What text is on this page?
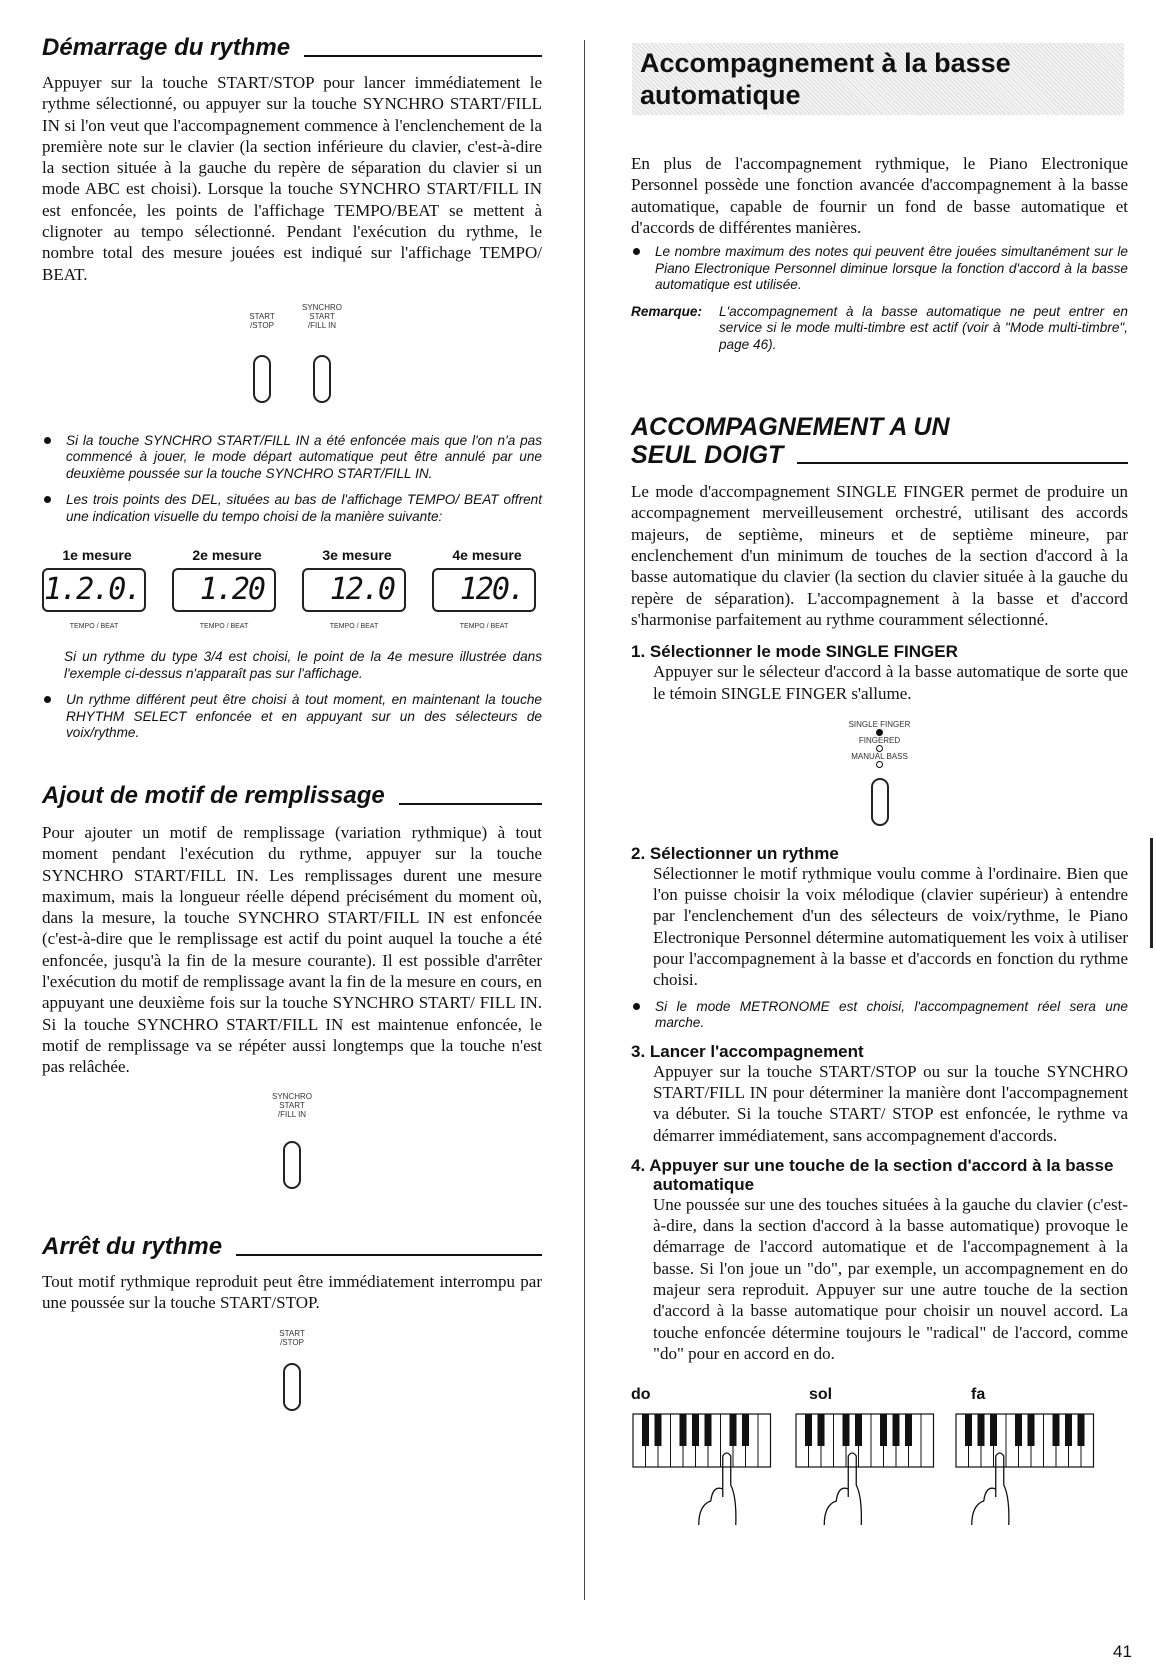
Démarrage du rythme

Appuyer sur la touche START/STOP pour lancer immédiatement le rythme sélectionné, ou appuyer sur la touche SYNCHRO START/FILL IN si l'on veut que l'accompagnement commence à l'enclenchement de la première note sur le clavier (la section inférieure du clavier, c'est-à-dire la section située à la gauche du repère de séparation du clavier si un mode ABC est choisi). Lorsque la touche SYNCHRO START/FILL IN est enfoncée, les points de l'affichage TEMPO/BEAT se mettent à clignoter au tempo sélectionné. Pendant l'exécution du rythme, le nombre total des mesure jouées est indiqué sur l'affichage TEMPO/ BEAT.

START
/STOP
SYNCHRO
START
/FILL IN
Si la touche SYNCHRO START/FILL IN a été enfoncée mais que l'on n'a pas commencé à jouer, le mode départ automatique peut être annulé par une deuxième poussée sur la touche SYNCHRO START/FILL IN.
Les trois points des DEL, situées au bas de l'affichage TEMPO/ BEAT offrent une indication visuelle du tempo choisi de la manière suivante:
1e mesure
1.2.0.
TEMPO / BEAT
2e mesure
1.20
TEMPO / BEAT
3e mesure
12.0
TEMPO / BEAT
4e mesure
120.
TEMPO / BEAT

Si un rythme du type 3/4 est choisi, le point de la 4e mesure illustrée dans l'exemple ci-dessus n'apparaît pas sur l'affichage.

Un rythme différent peut être choisi à tout moment, en maintenant la touche RHYTHM SELECT enfoncée et en appuyant sur un des sélecteurs de voix/rythme.
Ajout de motif de remplissage

Pour ajouter un motif de remplissage (variation rythmique) à tout moment pendant l'exécution du rythme, appuyer sur la touche SYNCHRO START/FILL IN. Les remplissages durent une mesure maximum, mais la longueur réelle dépend précisément du moment où, dans la mesure, la touche SYNCHRO START/FILL IN est enfoncée (c'est-à-dire que le remplissage est actif du point auquel la touche a été enfoncée, jusqu'à la fin de la mesure courante). Il est possible d'arrêter l'exécution du motif de remplissage avant la fin de la mesure en cours, en appuyant une deuxième fois sur la touche SYNCHRO START/ FILL IN. Si la touche SYNCHRO START/FILL IN est maintenue enfoncée, le motif de remplissage va se répéter aussi longtemps que la touche n'est pas relâchée.

SYNCHRO
START
/FILL IN
Arrêt du rythme

Tout motif rythmique reproduit peut être immédiatement interrompu par une poussée sur la touche START/STOP.

START
/STOP
Accompagnement à la basse automatique

En plus de l'accompagnement rythmique, le Piano Electronique Personnel possède une fonction avancée d'accompagnement à la basse automatique, capable de fournir un fond de basse automatique et d'accords de différentes manières.

Le nombre maximum des notes qui peuvent être jouées simultanément sur le Piano Electronique Personnel diminue lorsque la fonction d'accord à la basse automatique est utilisée.
Remarque:	L'accompagnement à la basse automatique ne peut entrer en service si le mode multi-timbre est actif (voir à "Mode multi-timbre", page 46).
ACCOMPAGNEMENT A UN
SEUL DOIGT

Le mode d'accompagnement SINGLE FINGER permet de produire un accompagnement merveilleusement orchestré, utilisant des accords majeurs, de septième, mineurs et de septième mineure, par enclenchement d'un minimum de touches de la section d'accord à la basse automatique du clavier (la section du clavier située à la gauche du repère de séparation). L'accompagnement à la basse et d'accord s'harmonise parfaitement au rythme couramment sélectionné.

1. Sélectionner le mode SINGLE FINGER

Appuyer sur le sélecteur d'accord à la basse automatique de sorte que le témoin SINGLE FINGER s'allume.

SINGLE FINGER
FINGERED
MANUAL BASS
2. Sélectionner un rythme

Sélectionner le motif rythmique voulu comme à l'ordinaire. Bien que l'on puisse choisir la voix mélodique (clavier supérieur) à entendre par l'enclenchement d'un des sélecteurs de voix/rythme, le Piano Electronique Personnel détermine automatiquement les voix à utiliser pour l'accompagnement à la basse et d'accords en fonction du rythme choisi.

Si le mode METRONOME est choisi, l'accompagnement réel sera une marche.
3. Lancer l'accompagnement

Appuyer sur la touche START/STOP ou sur la touche SYNCHRO START/FILL IN pour déterminer la manière dont l'accompagnement va débuter. Si la touche START/ STOP est enfoncée, le rythme va démarrer immédiatement, sans accompagnement d'accords.

4. Appuyer sur une touche de la section d'accord à la basse automatique

Une poussée sur une des touches situées à la gauche du clavier (c'est-à-dire, dans la section d'accord à la basse automatique) provoque le démarrage de l'accord automatique et de l'accompagnement à la basse. Si l'on joue un "do", par exemple, un accompagnement en do majeur sera reproduit. Appuyer sur une autre touche de la section d'accord à la basse automatique pour choisir un nouvel accord. La touche enfoncée détermine toujours le "radical" de l'accord, comme "do" pour en accord en do.

do	sol	fa
41
